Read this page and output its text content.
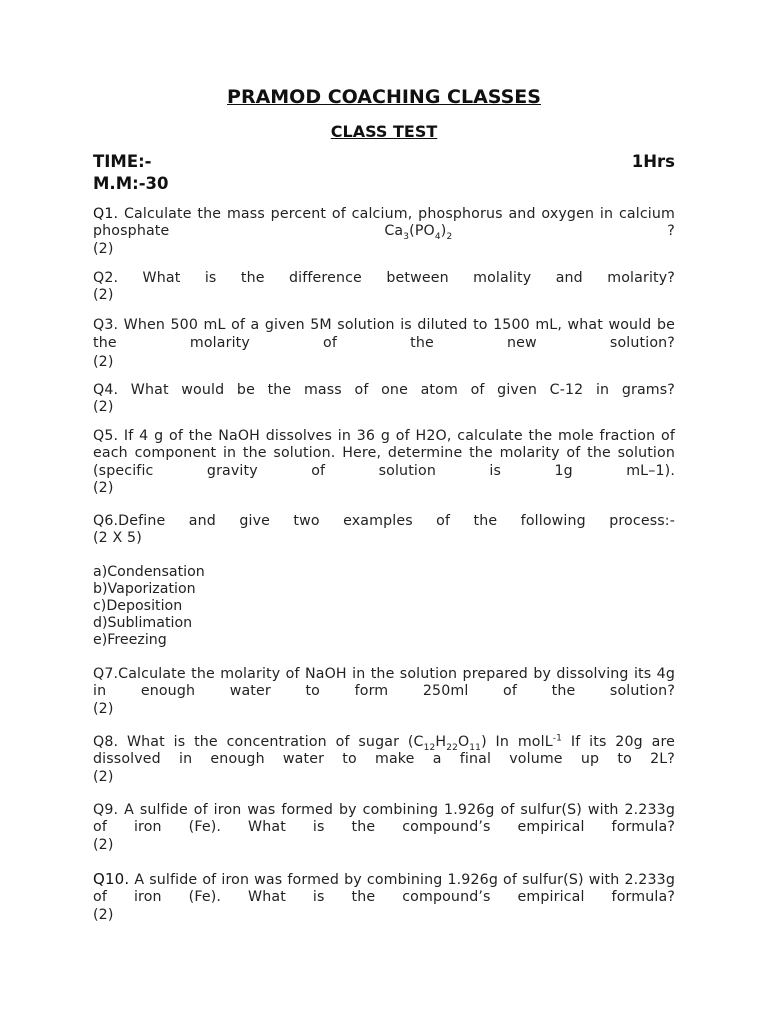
PRAMOD COACHING CLASSES
CLASS TEST
TIME:-	1Hrs
M.M:-30
Q1. Calculate the mass percent of calcium, phosphorus and oxygen in calcium phosphate	$Ca_3(PO_4)_2$	?
(2)
Q2. What is the difference between molality and molarity?
(2)
Q3. When 500 mL of a given 5M solution is diluted to 1500 mL, what would be the molarity of the new solution?
(2)
Q4. What would be the mass of one atom of given C-12 in grams?
(2)
Q5. If 4 g of the NaOH dissolves in 36 g of H2O, calculate the mole fraction of each component in the solution. Here, determine the molarity of the solution (specific gravity of solution is 1g mL–1).
(2)
Q6.Define and give two examples of the following process:-
(2 X 5)
a)Condensation
b)Vaporization
c)Deposition
d)Sublimation
e)Freezing
Q7.Calculate the molarity of NaOH in the solution prepared by dissolving its 4g in enough water to form 250ml of the solution?
(2)
Q8. What is the concentration of sugar $(C_{12}H_{22}O_{11})$ In molL$^{-1}$ If its 20g are dissolved in enough water to make a final volume up to 2L?
(2)
Q9. A sulfide of iron was formed by combining 1.926g of sulfur(S) with 2.233g of iron (Fe). What is the compound’s empirical formula?
(2)
Q10. A sulfide of iron was formed by combining 1.926g of sulfur(S) with 2.233g of iron (Fe). What is the compound’s empirical formula?
(2)
